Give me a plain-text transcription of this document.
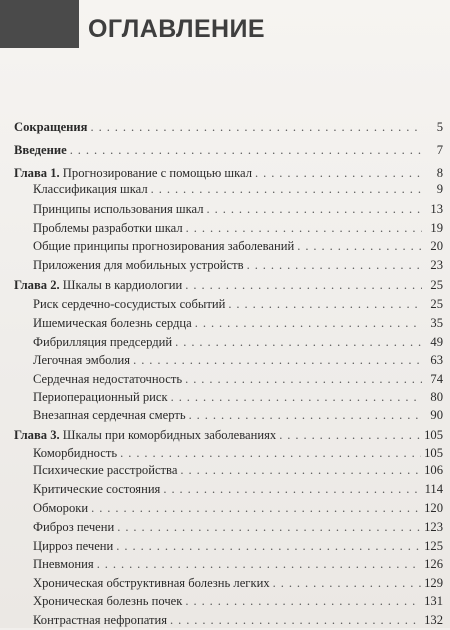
ОГЛАВЛЕНИЕ
Сокращения . . .	5
Введение . . .	7
Глава 1. Прогнозирование с помощью шкал . . .	8
Классификация шкал . . .	9
Принципы использования шкал . . .	13
Проблемы разработки шкал . . .	19
Общие принципы прогнозирования заболеваний . . .	20
Приложения для мобильных устройств . . .	23
Глава 2. Шкалы в кардиологии . . .	25
Риск сердечно-сосудистых событий . . .	25
Ишемическая болезнь сердца . . .	35
Фибрилляция предсердий . . .	49
Легочная эмболия . . .	63
Сердечная недостаточность . . .	74
Периоперационный риск . . .	80
Внезапная сердечная смерть . . .	90
Глава 3. Шкалы при коморбидных заболеваниях . . .	105
Коморбидность . . .	105
Психические расстройства . . .	106
Критические состояния . . .	114
Обмороки . . .	120
Фиброз печени . . .	123
Цирроз печени . . .	125
Пневмония . . .	126
Хроническая обструктивная болезнь легких . . .	129
Хроническая болезнь почек . . .	131
Контрастная нефропатия . . .	132
